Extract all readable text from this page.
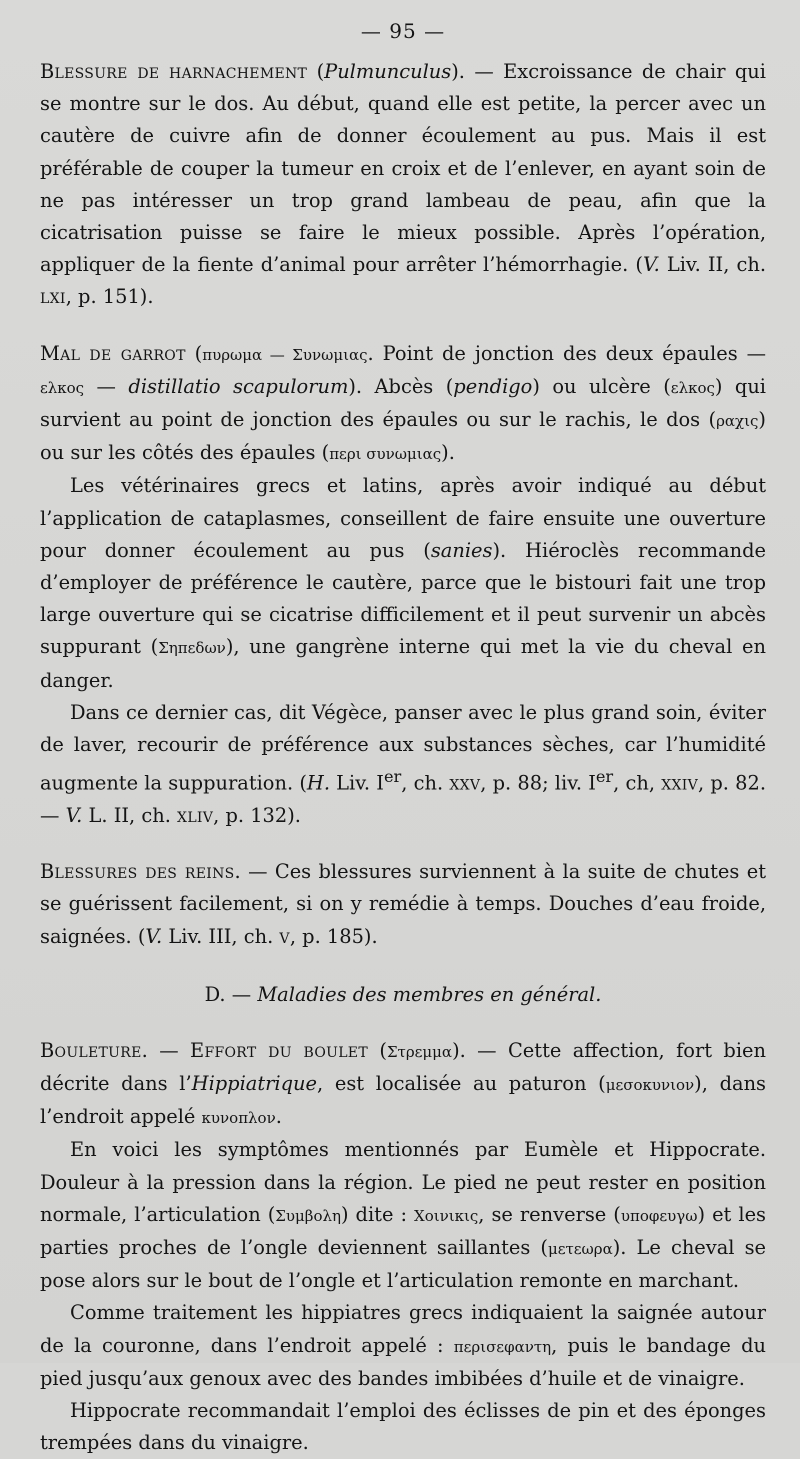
— 95 —

Blessure de harnachement (Pulmunculus). — Excroissance de chair qui se montre sur le dos. Au début, quand elle est petite, la percer avec un cautère de cuivre afin de donner écoulement au pus. Mais il est préférable de couper la tumeur en croix et de l’enlever, en ayant soin de ne pas intéresser un trop grand lambeau de peau, afin que la cicatrisation puisse se faire le mieux possible. Après l’opération, appliquer de la fiente d’animal pour arrêter l’hémorrhagie. (V. Liv. II, ch. lxi, p. 151).

Mal de garrot (πυρωμα — Συνωμιας. Point de jonction des deux épaules — ελκος — distillatio scapulorum). Abcès (pendigo) ou ulcère (ελκος) qui survient au point de jonction des épaules ou sur le rachis, le dos (ραχις) ou sur les côtés des épaules (περι συνωμιας).

Les vétérinaires grecs et latins, après avoir indiqué au début l’application de cataplasmes, conseillent de faire ensuite une ouverture pour donner écoulement au pus (sanies). Hiéroclès recommande d’employer de préférence le cautère, parce que le bistouri fait une trop large ouverture qui se cicatrise difficilement et il peut survenir un abcès suppurant (Σηπεδων), une gangrène interne qui met la vie du cheval en danger.

Dans ce dernier cas, dit Végèce, panser avec le plus grand soin, éviter de laver, recourir de préférence aux substances sèches, car l’humidité augmente la suppuration. (H. Liv. Ier, ch. xxv, p. 88; liv. Ier, ch, xxiv, p. 82. — V. L. II, ch. xliv, p. 132).

Blessures des reins. — Ces blessures surviennent à la suite de chutes et se guérissent facilement, si on y remédie à temps. Douches d’eau froide, saignées. (V. Liv. III, ch. v, p. 185).

D. — Maladies des membres en général.

Bouleture. — Effort du boulet (Στρεμμα). — Cette affection, fort bien décrite dans l’Hippiatrique, est localisée au paturon (μεσοκυνιον), dans l’endroit appelé κυνοπλον.

En voici les symptômes mentionnés par Eumèle et Hippocrate. Douleur à la pression dans la région. Le pied ne peut rester en position normale, l’articulation (Συμβολη) dite : Χοινικις, se renverse (υποφευγω) et les parties proches de l’ongle deviennent saillantes (μετεωρα). Le cheval se pose alors sur le bout de l’ongle et l’articulation remonte en marchant.

Comme traitement les hippiatres grecs indiquaient la saignée autour de la couronne, dans l’endroit appelé : περισεφαντη, puis le bandage du pied jusqu’aux genoux avec des bandes imbibées d’huile et de vinaigre.

Hippocrate recommandait l’emploi des éclisses de pin et des éponges trempées dans du vinaigre.
